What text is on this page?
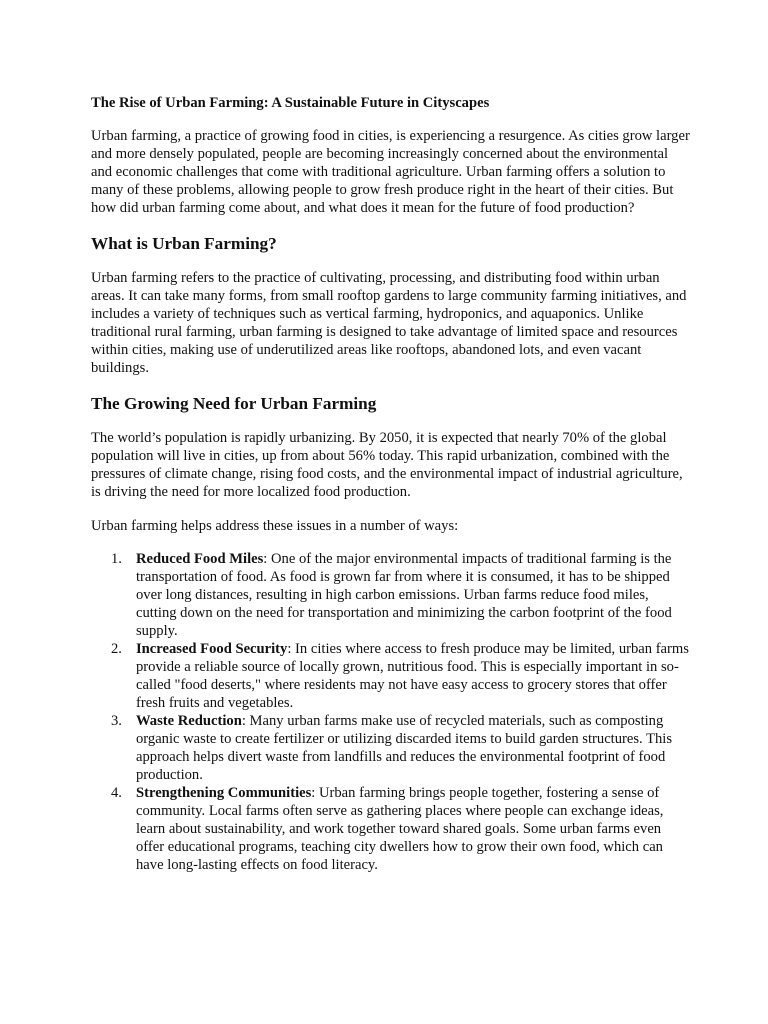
The Rise of Urban Farming: A Sustainable Future in Cityscapes

Urban farming, a practice of growing food in cities, is experiencing a resurgence. As cities grow larger and more densely populated, people are becoming increasingly concerned about the environmental and economic challenges that come with traditional agriculture. Urban farming offers a solution to many of these problems, allowing people to grow fresh produce right in the heart of their cities. But how did urban farming come about, and what does it mean for the future of food production?

What is Urban Farming?

Urban farming refers to the practice of cultivating, processing, and distributing food within urban areas. It can take many forms, from small rooftop gardens to large community farming initiatives, and includes a variety of techniques such as vertical farming, hydroponics, and aquaponics. Unlike traditional rural farming, urban farming is designed to take advantage of limited space and resources within cities, making use of underutilized areas like rooftops, abandoned lots, and even vacant buildings.

The Growing Need for Urban Farming

The world’s population is rapidly urbanizing. By 2050, it is expected that nearly 70% of the global population will live in cities, up from about 56% today. This rapid urbanization, combined with the pressures of climate change, rising food costs, and the environmental impact of industrial agriculture, is driving the need for more localized food production.

Urban farming helps address these issues in a number of ways:

1. Reduced Food Miles: One of the major environmental impacts of traditional farming is the transportation of food. As food is grown far from where it is consumed, it has to be shipped over long distances, resulting in high carbon emissions. Urban farms reduce food miles, cutting down on the need for transportation and minimizing the carbon footprint of the food supply.
2. Increased Food Security: In cities where access to fresh produce may be limited, urban farms provide a reliable source of locally grown, nutritious food. This is especially important in so-called "food deserts," where residents may not have easy access to grocery stores that offer fresh fruits and vegetables.
3. Waste Reduction: Many urban farms make use of recycled materials, such as composting organic waste to create fertilizer or utilizing discarded items to build garden structures. This approach helps divert waste from landfills and reduces the environmental footprint of food production.
4. Strengthening Communities: Urban farming brings people together, fostering a sense of community. Local farms often serve as gathering places where people can exchange ideas, learn about sustainability, and work together toward shared goals. Some urban farms even offer educational programs, teaching city dwellers how to grow their own food, which can have long-lasting effects on food literacy.
